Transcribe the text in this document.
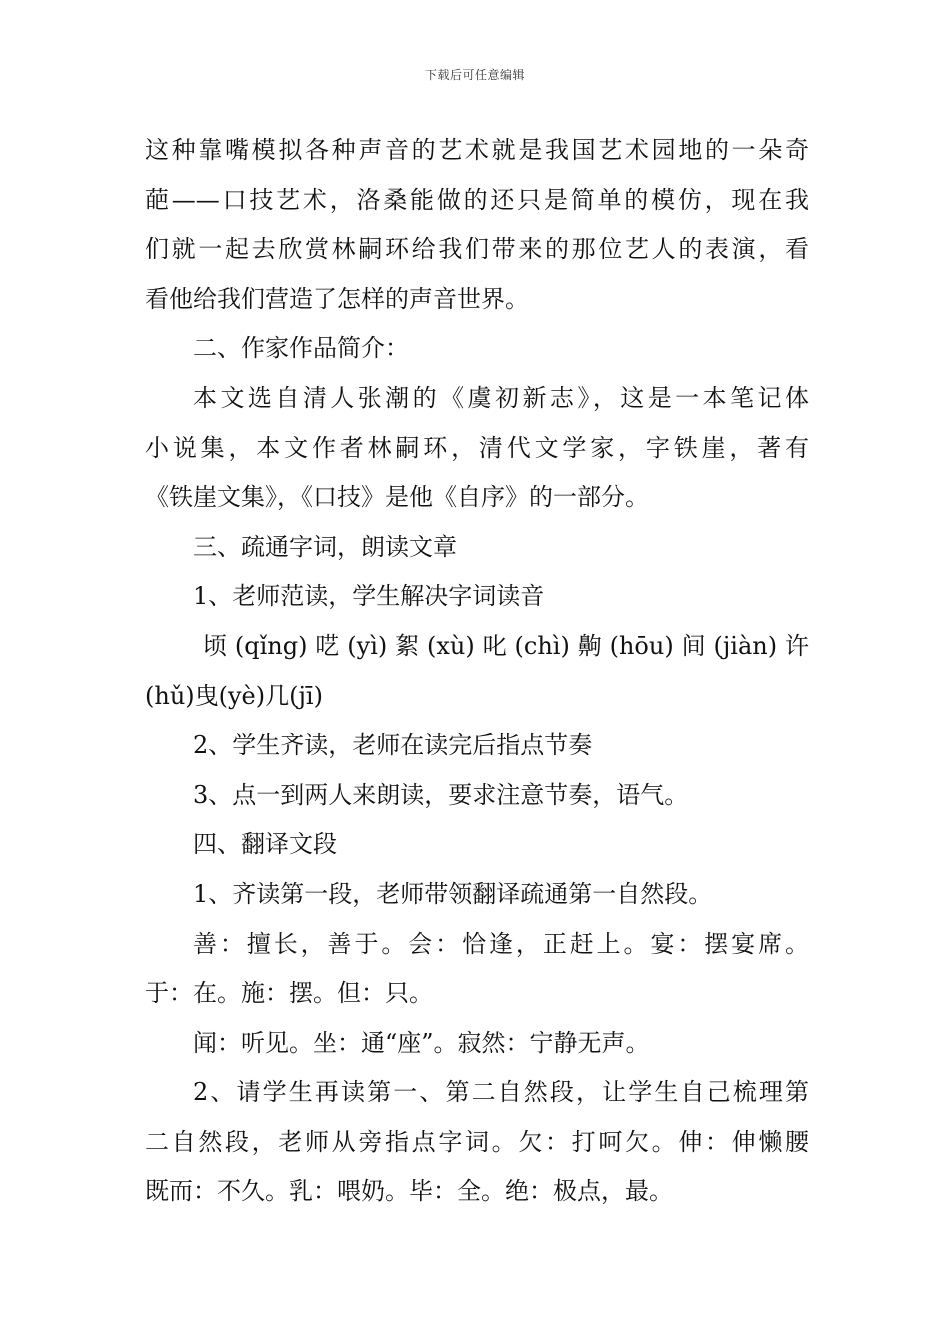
下载后可任意编辑
这种靠嘴模拟各种声音的艺术就是我国艺术园地的一朵奇
葩——口技艺术，洛桑能做的还只是简单的模仿，现在我
们就一起去欣赏林嗣环给我们带来的那位艺人的表演，看
看他给我们营造了怎样的声音世界。
二、作家作品简介：
本文选自清人张潮的《虞初新志》，这是一本笔记体
小说集，本文作者林嗣环，清代文学家，字铁崖，著有
《铁崖文集》，《口技》是他《自序》的一部分。
三、疏通字词，朗读文章
1、老师范读，学生解决字词读音
顷(qǐng)呓(yì)絮(xù)叱(chì)齁(hōu)间(jiàn)许
(hǔ)曳(yè)几(jī)
2、学生齐读，老师在读完后指点节奏
3、点一到两人来朗读，要求注意节奏，语气。
四、翻译文段
1、齐读第一段，老师带领翻译疏通第一自然段。
善：擅长，善于。会：恰逢，正赶上。宴：摆宴席。
于：在。施：摆。但：只。
闻：听见。坐：通“座”。寂然：宁静无声。
2、请学生再读第一、第二自然段，让学生自己梳理第
二自然段，老师从旁指点字词。欠：打呵欠。伸：伸懒腰
既而：不久。乳：喂奶。毕：全。绝：极点，最。
